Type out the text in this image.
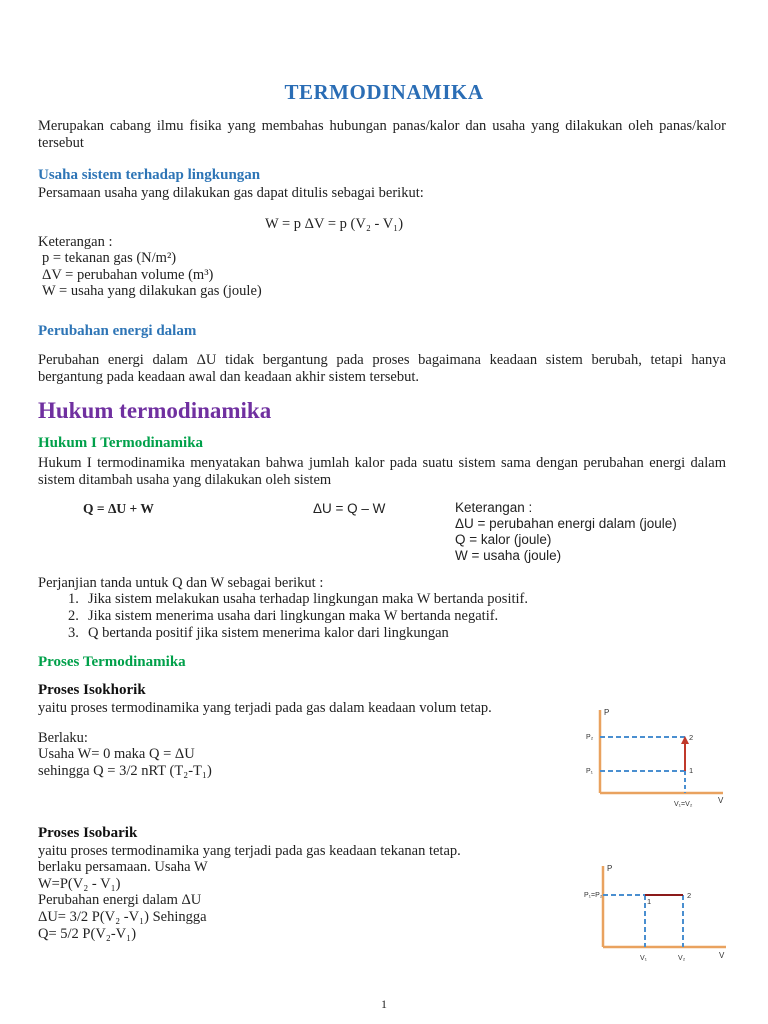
TERMODINAMIKA
Merupakan cabang ilmu fisika yang membahas hubungan panas/kalor dan usaha yang dilakukan oleh panas/kalor tersebut
Usaha sistem terhadap lingkungan
Persamaan usaha yang dilakukan gas dapat ditulis sebagai berikut:
W = p ΔV = p (V₂ - V₁)
Keterangan :
p = tekanan gas (N/m²)
ΔV = perubahan volume (m³)
W = usaha yang dilakukan gas (joule)
Perubahan energi dalam
Perubahan energi dalam ΔU tidak bergantung pada proses bagaimana keadaan sistem berubah, tetapi hanya bergantung pada keadaan awal dan keadaan akhir sistem tersebut.
Hukum termodinamika
Hukum I Termodinamika
Hukum I termodinamika menyatakan bahwa jumlah kalor pada suatu sistem sama dengan perubahan energi dalam sistem ditambah usaha yang dilakukan oleh sistem
Q = ΔU + W	ΔU = Q – W	Keterangan :
ΔU = perubahan energi dalam (joule)
Q = kalor (joule)
W = usaha (joule)
Perjanjian tanda untuk Q dan W sebagai berikut :
1. Jika sistem melakukan usaha terhadap lingkungan maka W bertanda positif.
2. Jika sistem menerima usaha dari lingkungan maka W bertanda negatif.
3. Q bertanda positif jika sistem menerima kalor dari lingkungan
Proses Termodinamika
Proses Isokhorik
yaitu proses termodinamika yang terjadi pada gas dalam keadaan volum tetap.
Berlaku:
Usaha W= 0 maka Q = ΔU
sehingga Q = 3/2 nRT (T₂-T₁)
P
V
P₂
P₁
V₁=V₂
1
2
Proses Isobarik
yaitu proses termodinamika yang terjadi pada gas keadaan tekanan tetap.
berlaku persamaan. Usaha W
W=P(V₂ - V₁)
Perubahan energi dalam ΔU
ΔU= 3/2 P(V₂ -V₁) Sehingga
Q= 5/2 P(V₂-V₁)
P
V
P₁=P₂
V₁	V₂
1
2
1
